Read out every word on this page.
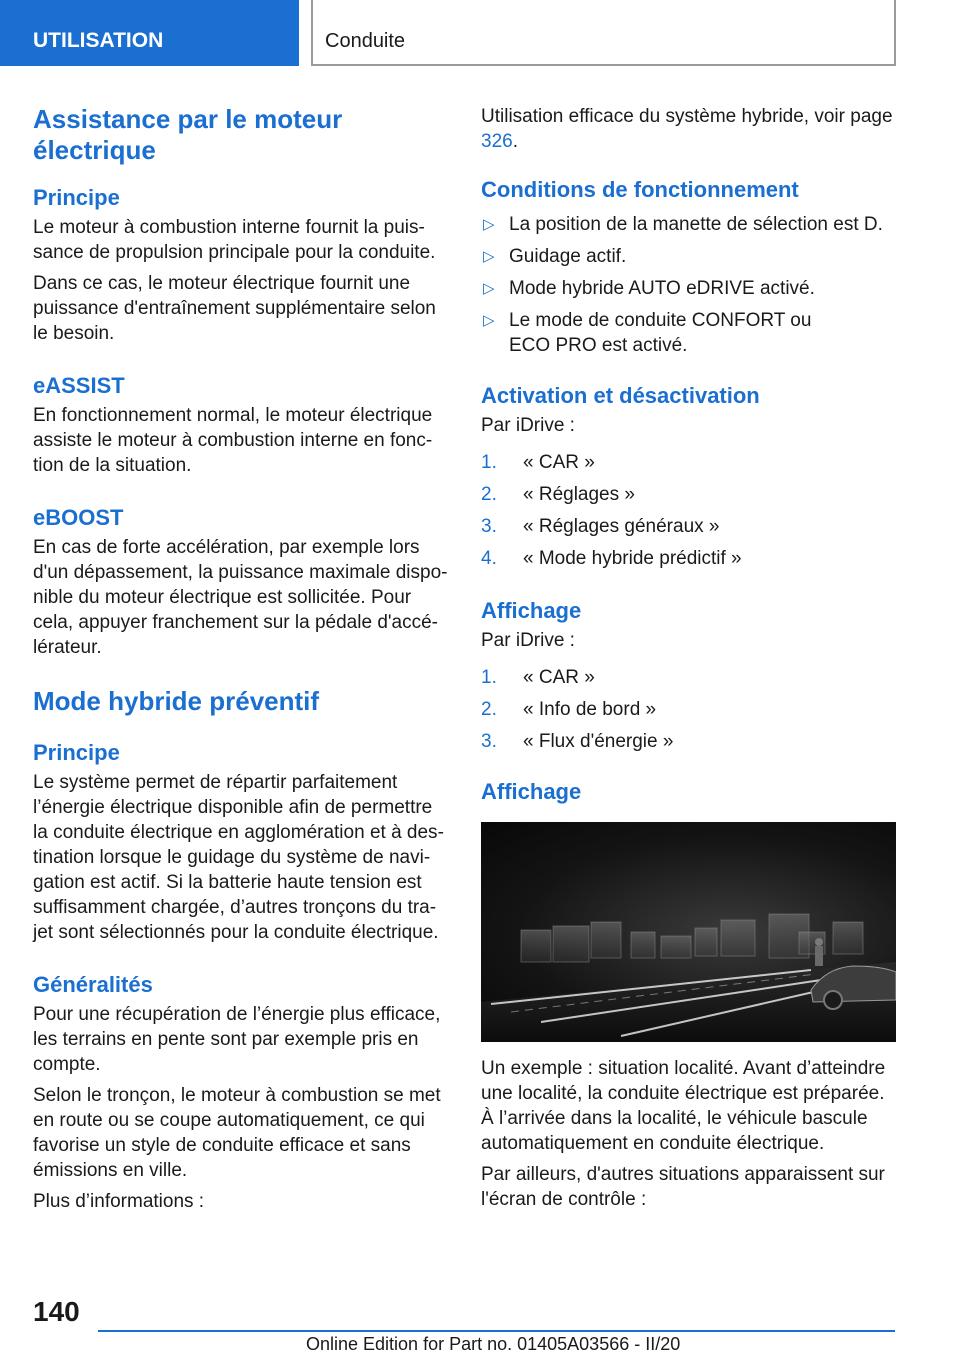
UTILISATION	Conduite
Assistance par le moteur électrique
Principe

Le moteur à combustion interne fournit la puissance de propulsion principale pour la conduite.

Dans ce cas, le moteur électrique fournit une puissance d'entraînement supplémentaire selon le besoin.

eASSIST

En fonctionnement normal, le moteur électrique assiste le moteur à combustion interne en fonction de la situation.

eBOOST

En cas de forte accélération, par exemple lors d'un dépassement, la puissance maximale disponible du moteur électrique est sollicitée. Pour cela, appuyer franchement sur la pédale d'accélérateur.

Mode hybride préventif
Principe

Le système permet de répartir parfaitement l’énergie électrique disponible afin de permettre la conduite électrique en agglomération et à destination lorsque le guidage du système de navigation est actif. Si la batterie haute tension est suffisamment chargée, d’autres tronçons du trajet sont sélectionnés pour la conduite électrique.

Généralités

Pour une récupération de l’énergie plus efficace, les terrains en pente sont par exemple pris en compte.

Selon le tronçon, le moteur à combustion se met en route ou se coupe automatiquement, ce qui favorise un style de conduite efficace et sans émissions en ville.

Plus d’informations :

Utilisation efficace du système hybride, voir page 326.

Conditions de fonctionnement
▷ La position de la manette de sélection est D.
▷ Guidage actif.
▷ Mode hybride AUTO eDRIVE activé.
▷ Le mode de conduite CONFORT ou ECO PRO est activé.
Activation et désactivation

Par iDrive :

1. « CAR »
2. « Réglages »
3. « Réglages généraux »
4. « Mode hybride prédictif »
Affichage

Par iDrive :

1. « CAR »
2. « Info de bord »
3. « Flux d'énergie »
Affichage

Un exemple : situation localité. Avant d’atteindre une localité, la conduite électrique est préparée. À l’arrivée dans la localité, le véhicule bascule automatiquement en conduite électrique.

Par ailleurs, d'autres situations apparaissent sur l'écran de contrôle :

140
Online Edition for Part no. 01405A03566 - II/20
